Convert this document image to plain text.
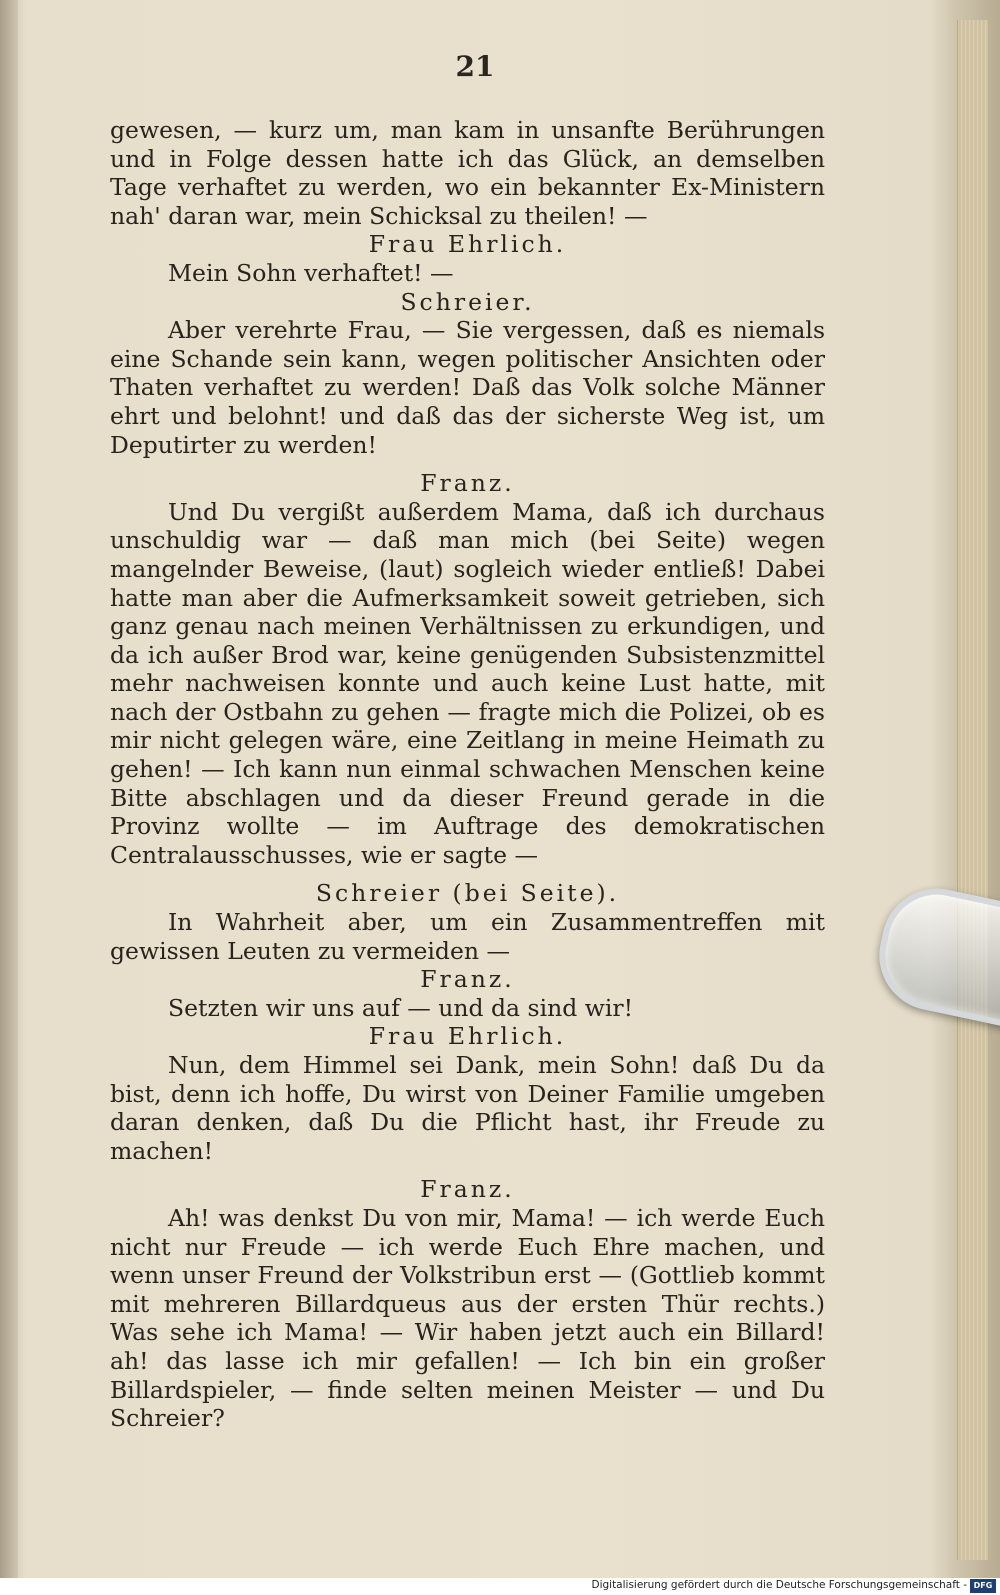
21

gewesen, — kurz um, man kam in unsanfte Berührungen und in Folge dessen hatte ich das Glück, an demselben Tage verhaftet zu werden, wo ein bekannter Ex-Ministern nah' daran war, mein Schicksal zu theilen! —

Frau Ehrlich.

Mein Sohn verhaftet! —

Schreier.

Aber verehrte Frau, — Sie vergessen, daß es niemals eine Schande sein kann, wegen politischer Ansichten oder Thaten verhaftet zu werden! Daß das Volk solche Männer ehrt und belohnt! und daß das der sicherste Weg ist, um Deputirter zu werden!

Franz.

Und Du vergißt außerdem Mama, daß ich durchaus unschuldig war — daß man mich (bei Seite) wegen mangelnder Beweise, (laut) sogleich wieder entließ! Dabei hatte man aber die Aufmerksamkeit soweit getrieben, sich ganz genau nach meinen Verhältnissen zu erkundigen, und da ich außer Brod war, keine genügenden Subsistenzmittel mehr nachweisen konnte und auch keine Lust hatte, mit nach der Ostbahn zu gehen — fragte mich die Polizei, ob es mir nicht gelegen wäre, eine Zeitlang in meine Heimath zu gehen! — Ich kann nun einmal schwachen Menschen keine Bitte abschlagen und da dieser Freund gerade in die Provinz wollte — im Auftrage des demokratischen Centralausschusses, wie er sagte —

Schreier (bei Seite).

In Wahrheit aber, um ein Zusammentreffen mit gewissen Leuten zu vermeiden —

Franz.

Setzten wir uns auf — und da sind wir!

Frau Ehrlich.

Nun, dem Himmel sei Dank, mein Sohn! daß Du da bist, denn ich hoffe, Du wirst von Deiner Familie umgeben daran denken, daß Du die Pflicht hast, ihr Freude zu machen!

Franz.

Ah! was denkst Du von mir, Mama! — ich werde Euch nicht nur Freude — ich werde Euch Ehre machen, und wenn unser Freund der Volkstribun erst — (Gottlieb kommt mit mehreren Billardqueus aus der ersten Thür rechts.) Was sehe ich Mama! — Wir haben jetzt auch ein Billard! ah! das lasse ich mir gefallen! — Ich bin ein großer Billardspieler, — finde selten meinen Meister — und Du Schreier?

Digitalisierung gefördert durch die Deutsche Forschungsgemeinschaft - DFG
